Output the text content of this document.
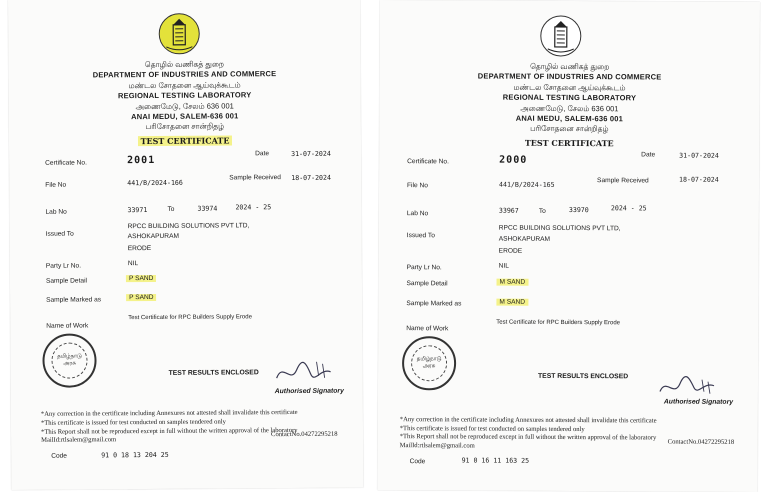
தொழில் வணிகத் துறை
DEPARTMENT OF INDUSTRIES AND COMMERCE
மண்டல சோதனை ஆய்வுக்கூடம்
REGIONAL TESTING LABORATORY
அணைமேடு, சேலம் 636 001
ANAI MEDU, SALEM-636 001
பரிசோதனை சான்றிதழ்
TEST CERTIFICATE
Certificate No.	2001
Date	31-07-2024
File No	441/B/2024-166
Sample Received 18-07-2024
Lab No	33971	To	33974	2024 - 25
Issued To
RPCC BUILDING SOLUTIONS PVT LTD,
ASHOKAPURAM
ERODE
Party Lr No.	NIL
Sample Detail	P SAND
Sample Marked as	P SAND
Name of Work
Test Certificate for RPC Builders Supply Erode
தமிழ்நாடு அரசு
TEST RESULTS ENCLOSED
Authorised Signatory
*Any correction in the certificate including Annexures not attested shall invalidate this certificate
*This certificate is issued for test conducted on samples tendered only
*This Report shall not be reproduced except in full without the written approval of the laboratory
MailId:rtlsalem@gmail.com
ContactNo.04272295218
Code	91 0 18 13 204 25
தொழில் வணிகத் துறை
DEPARTMENT OF INDUSTRIES AND COMMERCE
மண்டல சோதனை ஆய்வுக்கூடம்
REGIONAL TESTING LABORATORY
அணைமேடு, சேலம் 636 001
ANAI MEDU, SALEM-636 001
பரிசோதனை சான்றிதழ்
TEST CERTIFICATE
Certificate No.	2000	Date	31-07-2024
File No	441/B/2024-165	Sample Received	18-07-2024
Lab No	33967	To	33970	2024 - 25
Issued To
RPCC BUILDING SOLUTIONS PVT LTD,
ASHOKAPURAM
ERODE
Party Lr No.	NIL
Sample Detail	M SAND
Sample Marked as	M SAND
Name of Work
Test Certificate for RPC Builders Supply Erode
தமிழ்நாடு அரசு
TEST RESULTS ENCLOSED
Authorised Signatory
*Any correction in the certificate including Annexures not attested shall invalidate this certificate
*This certificate is issued for test conducted on samples tendered only
*This Report shall not be reproduced except in full without the written approval of the laboratory
MailId:rtlsalem@gmail.com	ContactNo.04272295218
Code	91 0 16 11 163 25
